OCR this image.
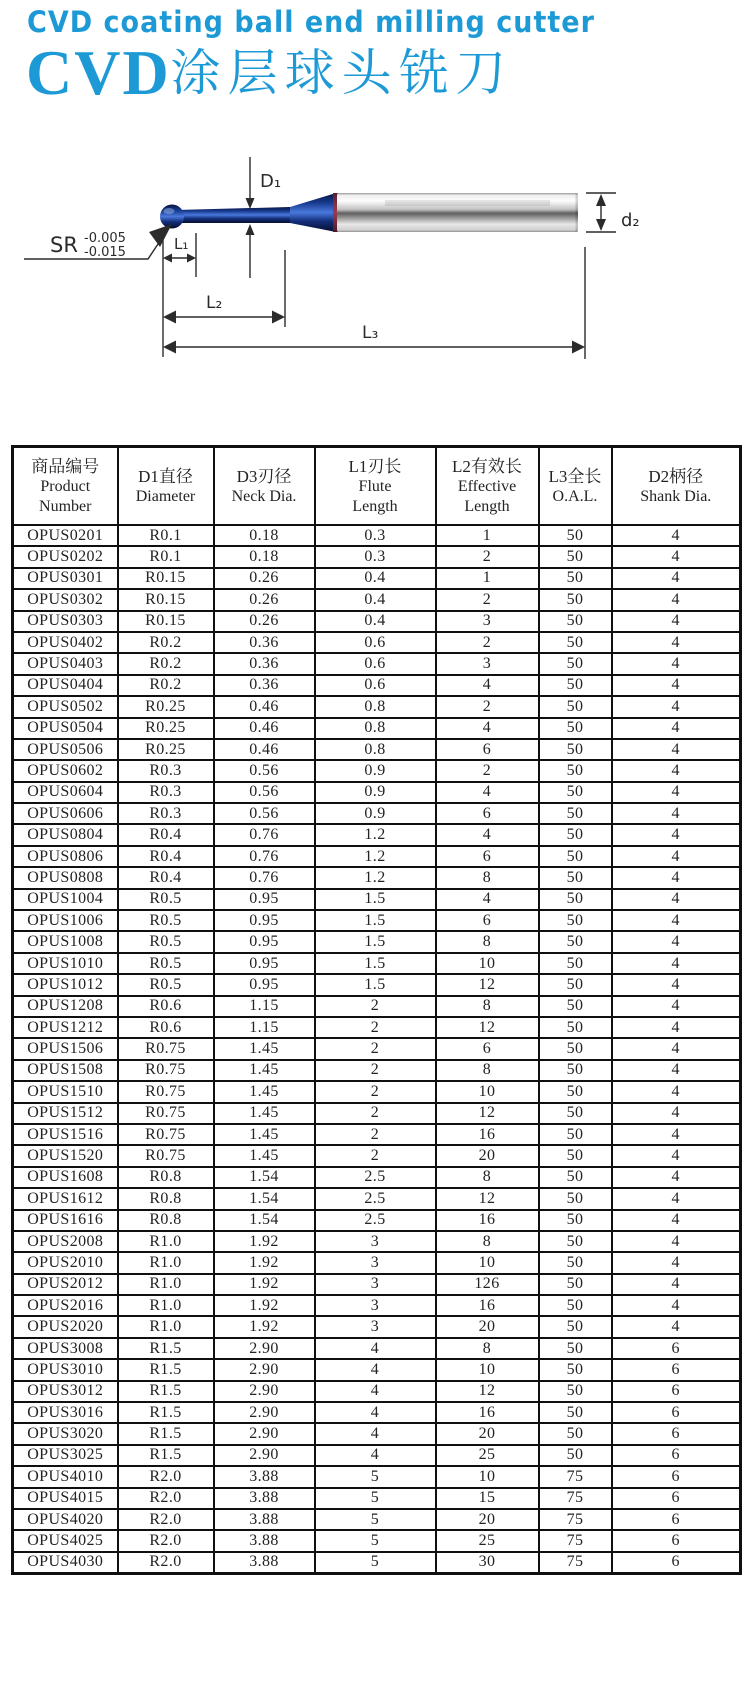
CVD coating ball end milling cutter
CVD涂层球头铣刀
D₁
d₂
SR -0.005
-0.015	L₁
L₂
L₃
商品编号
Product
Number

D1直径
Diameter

D3刃径
Neck Dia.

L1刃长
Flute
Length

L2有效长
Effective
Length

L3全长
O.A.L.

D2柄径
Shank Dia.

OPUS0201	R0.1	0.18	0.3	1	50	4
OPUS0202	R0.1	0.18	0.3	2	50	4
OPUS0301	R0.15	0.26	0.4	1	50	4
OPUS0302	R0.15	0.26	0.4	2	50	4
OPUS0303	R0.15	0.26	0.4	3	50	4
OPUS0402	R0.2	0.36	0.6	2	50	4
OPUS0403	R0.2	0.36	0.6	3	50	4
OPUS0404	R0.2	0.36	0.6	4	50	4
OPUS0502	R0.25	0.46	0.8	2	50	4
OPUS0504	R0.25	0.46	0.8	4	50	4
OPUS0506	R0.25	0.46	0.8	6	50	4
OPUS0602	R0.3	0.56	0.9	2	50	4
OPUS0604	R0.3	0.56	0.9	4	50	4
OPUS0606	R0.3	0.56	0.9	6	50	4
OPUS0804	R0.4	0.76	1.2	4	50	4
OPUS0806	R0.4	0.76	1.2	6	50	4
OPUS0808	R0.4	0.76	1.2	8	50	4
OPUS1004	R0.5	0.95	1.5	4	50	4
OPUS1006	R0.5	0.95	1.5	6	50	4
OPUS1008	R0.5	0.95	1.5	8	50	4
OPUS1010	R0.5	0.95	1.5	10	50	4
OPUS1012	R0.5	0.95	1.5	12	50	4
OPUS1208	R0.6	1.15	2	8	50	4
OPUS1212	R0.6	1.15	2	12	50	4
OPUS1506	R0.75	1.45	2	6	50	4
OPUS1508	R0.75	1.45	2	8	50	4
OPUS1510	R0.75	1.45	2	10	50	4
OPUS1512	R0.75	1.45	2	12	50	4
OPUS1516	R0.75	1.45	2	16	50	4
OPUS1520	R0.75	1.45	2	20	50	4
OPUS1608	R0.8	1.54	2.5	8	50	4
OPUS1612	R0.8	1.54	2.5	12	50	4
OPUS1616	R0.8	1.54	2.5	16	50	4
OPUS2008	R1.0	1.92	3	8	50	4
OPUS2010	R1.0	1.92	3	10	50	4
OPUS2012	R1.0	1.92	3	126	50	4
OPUS2016	R1.0	1.92	3	16	50	4
OPUS2020	R1.0	1.92	3	20	50	4
OPUS3008	R1.5	2.90	4	8	50	6
OPUS3010	R1.5	2.90	4	10	50	6
OPUS3012	R1.5	2.90	4	12	50	6
OPUS3016	R1.5	2.90	4	16	50	6
OPUS3020	R1.5	2.90	4	20	50	6
OPUS3025	R1.5	2.90	4	25	50	6
OPUS4010	R2.0	3.88	5	10	75	6
OPUS4015	R2.0	3.88	5	15	75	6
OPUS4020	R2.0	3.88	5	20	75	6
OPUS4025	R2.0	3.88	5	25	75	6
OPUS4030	R2.0	3.88	5	30	75	6
